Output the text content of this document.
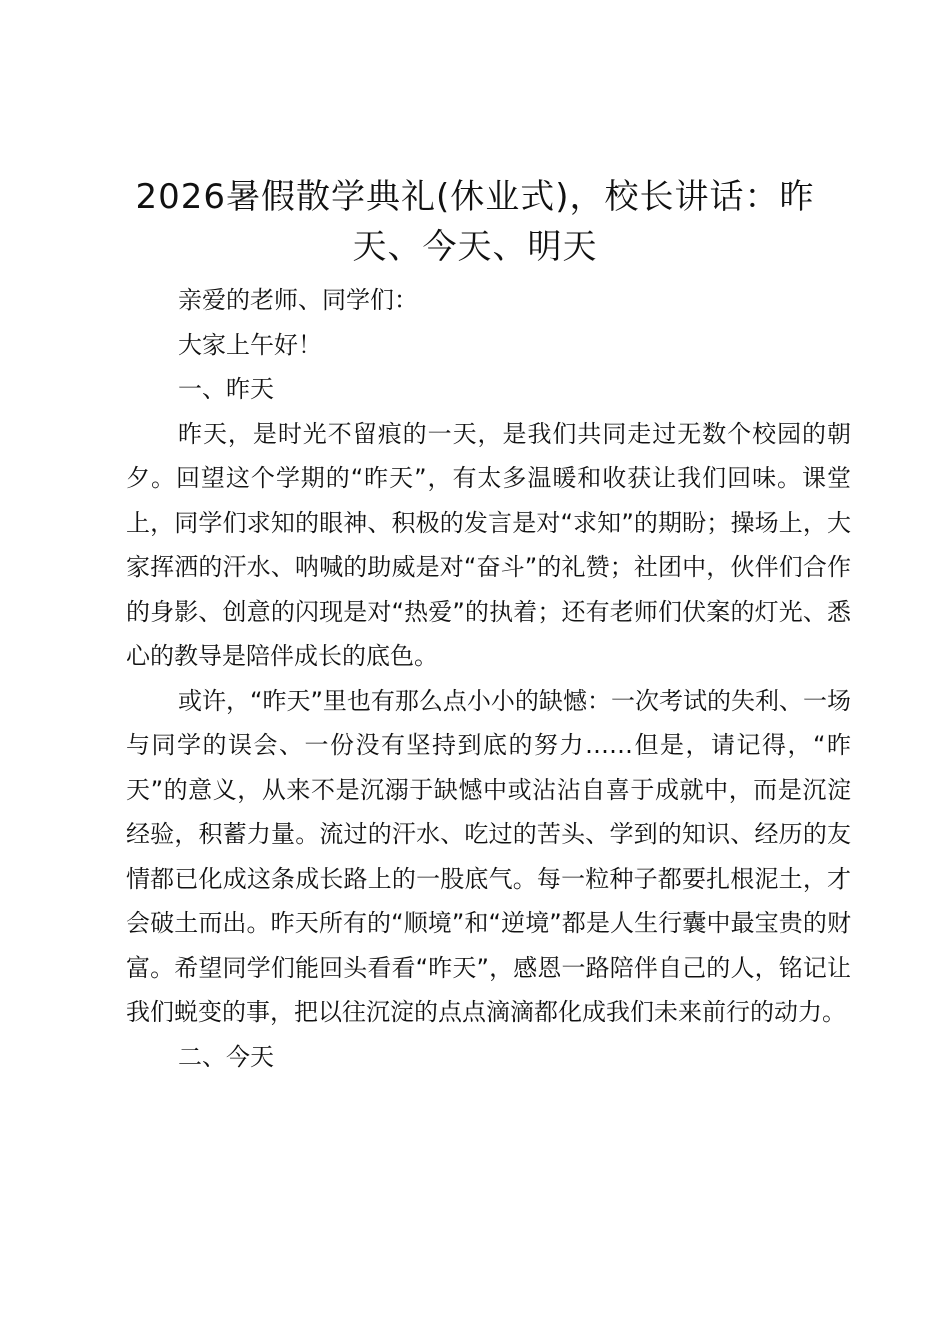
2026暑假散学典礼(休业式)，校长讲话：昨天、今天、明天

亲爱的老师、同学们：

大家上午好！

一、昨天

昨天，是时光不留痕的一天，是我们共同走过无数个校园的朝夕。回望这个学期的“昨天”，有太多温暖和收获让我们回味。课堂上，同学们求知的眼神、积极的发言是对“求知”的期盼；操场上，大家挥洒的汗水、呐喊的助威是对“奋斗”的礼赞；社团中，伙伴们合作的身影、创意的闪现是对“热爱”的执着；还有老师们伏案的灯光、悉心的教导是陪伴成长的底色。

或许，“昨天”里也有那么点小小的缺憾：一次考试的失利、一场与同学的误会、一份没有坚持到底的努力……但是，请记得，“昨天”的意义，从来不是沉溺于缺憾中或沾沾自喜于成就中，而是沉淀经验，积蓄力量。流过的汗水、吃过的苦头、学到的知识、经历的友情都已化成这条成长路上的一股底气。每一粒种子都要扎根泥土，才会破土而出。昨天所有的“顺境”和“逆境”都是人生行囊中最宝贵的财富。希望同学们能回头看看“昨天”，感恩一路陪伴自己的人，铭记让我们蜕变的事，把以往沉淀的点点滴滴都化成我们未来前行的动力。

二、今天
